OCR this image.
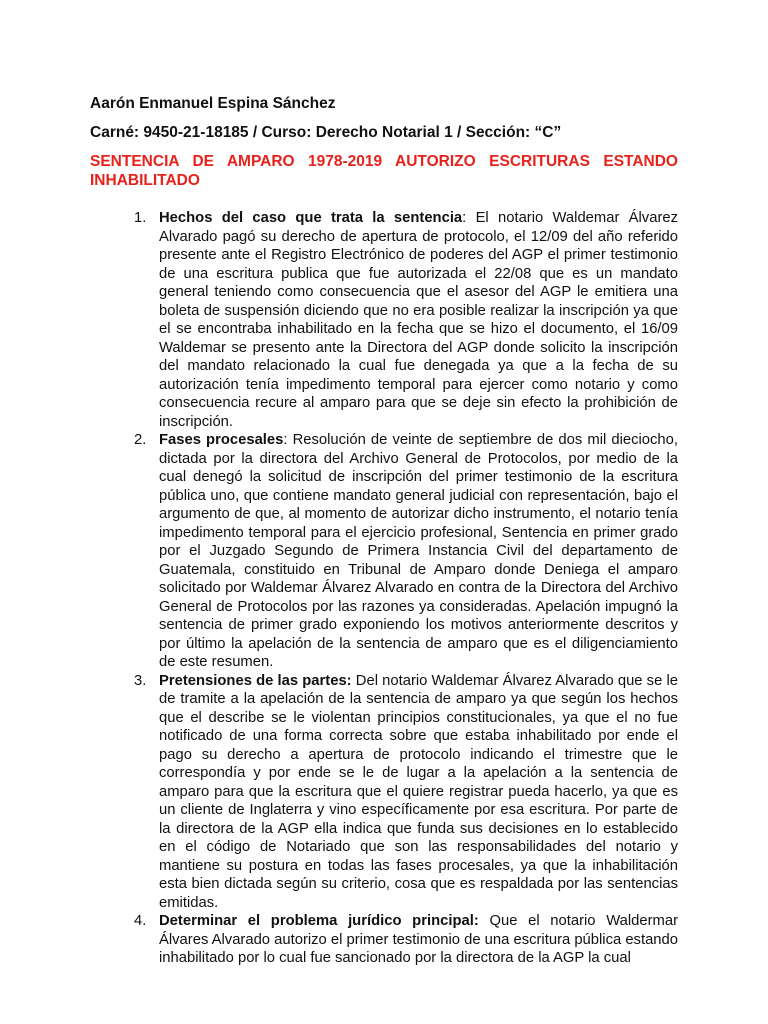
Aarón Enmanuel Espina Sánchez
Carné: 9450-21-18185 / Curso: Derecho Notarial 1 / Sección: “C”
SENTENCIA DE AMPARO 1978-2019 AUTORIZO ESCRITURAS ESTANDO
INHABILITADO
1. Hechos del caso que trata la sentencia: El notario Waldemar Álvarez Alvarado pagó su derecho de apertura de protocolo, el 12/09 del año referido presente ante el Registro Electrónico de poderes del AGP el primer testimonio de una escritura publica que fue autorizada el 22/08 que es un mandato general teniendo como consecuencia que el asesor del AGP le emitiera una boleta de suspensión diciendo que no era posible realizar la inscripción ya que el se encontraba inhabilitado en la fecha que se hizo el documento, el 16/09 Waldemar se presento ante la Directora del AGP donde solicito la inscripción del mandato relacionado la cual fue denegada ya que a la fecha de su autorización tenía impedimento temporal para ejercer como notario y como consecuencia recure al amparo para que se deje sin efecto la prohibición de inscripción.
2. Fases procesales: Resolución de veinte de septiembre de dos mil dieciocho, dictada por la directora del Archivo General de Protocolos, por medio de la cual denegó la solicitud de inscripción del primer testimonio de la escritura pública uno, que contiene mandato general judicial con representación, bajo el argumento de que, al momento de autorizar dicho instrumento, el notario tenía impedimento temporal para el ejercicio profesional, Sentencia en primer grado por el Juzgado Segundo de Primera Instancia Civil del departamento de Guatemala, constituido en Tribunal de Amparo donde Deniega el amparo solicitado por Waldemar Álvarez Alvarado en contra de la Directora del Archivo General de Protocolos por las razones ya consideradas. Apelación impugnó la sentencia de primer grado exponiendo los motivos anteriormente descritos y por último la apelación de la sentencia de amparo que es el diligenciamiento de este resumen.
3. Pretensiones de las partes: Del notario Waldemar Álvarez Alvarado que se le de tramite a la apelación de la sentencia de amparo ya que según los hechos que el describe se le violentan principios constitucionales, ya que el no fue notificado de una forma correcta sobre que estaba inhabilitado por ende el pago su derecho a apertura de protocolo indicando el trimestre que le correspondía y por ende se le de lugar a la apelación a la sentencia de amparo para que la escritura que el quiere registrar pueda hacerlo, ya que es un cliente de Inglaterra y vino específicamente por esa escritura. Por parte de la directora de la AGP ella indica que funda sus decisiones en lo establecido en el código de Notariado que son las responsabilidades del notario y mantiene su postura en todas las fases procesales, ya que la inhabilitación esta bien dictada según su criterio, cosa que es respaldada por las sentencias emitidas.
4. Determinar el problema jurídico principal: Que el notario Waldermar Álvares Alvarado autorizo el primer testimonio de una escritura pública estando inhabilitado por lo cual fue sancionado por la directora de la AGP la cual
